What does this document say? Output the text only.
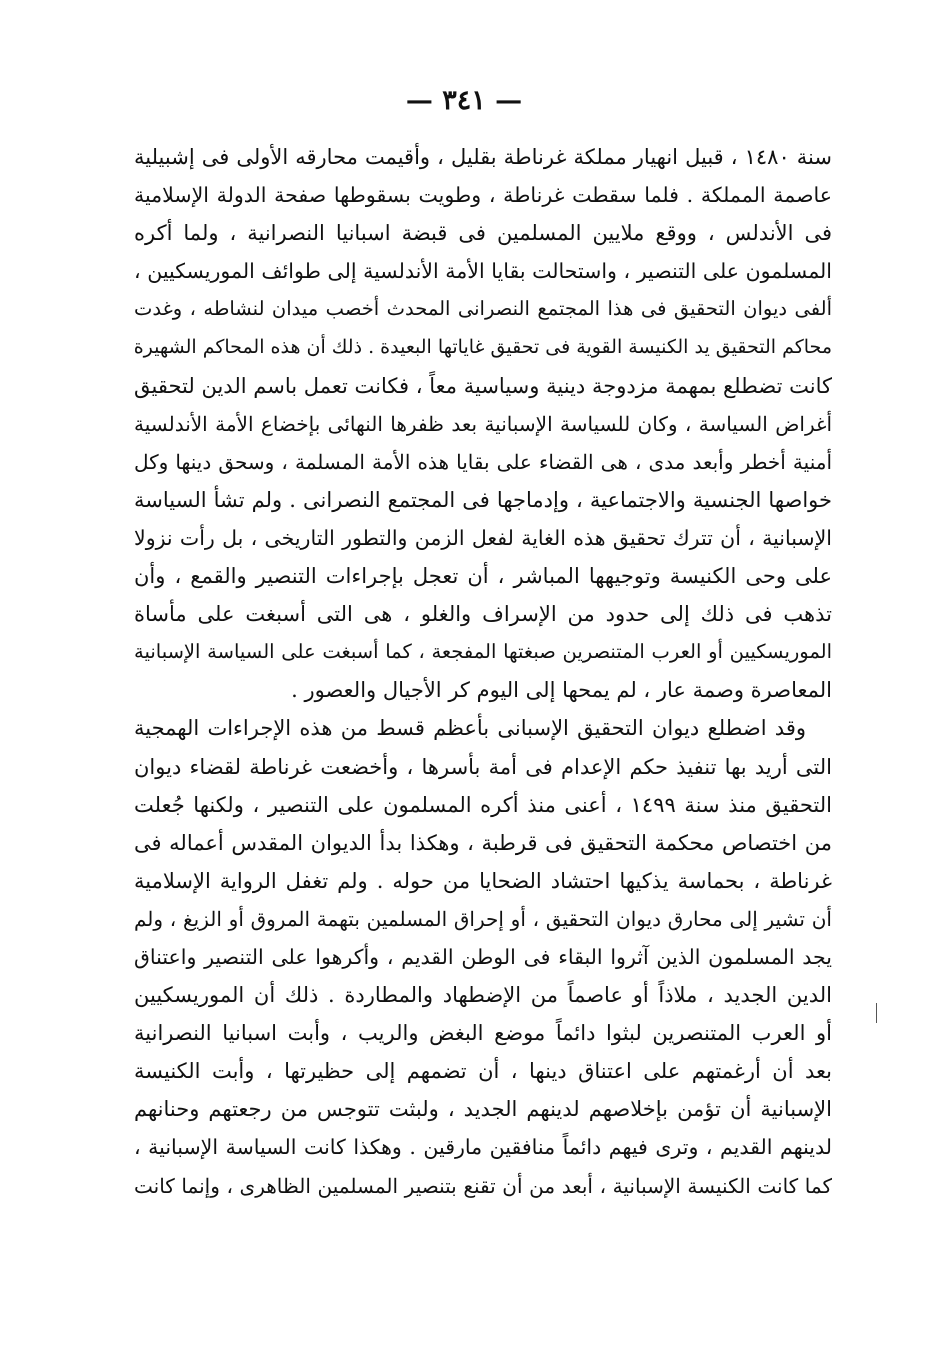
— ٣٤١ —
سنة ١٤٨٠ ، قبيل انهيار مملكة غرناطة بقليل ، وأقيمت محارقه الأولى فى إشبيلية
عاصمة المملكة . فلما سقطت غرناطة ، وطويت بسقوطها صفحة الدولة الإسلامية
فى الأندلس ، ووقع ملايين المسلمين فى قبضة اسبانيا النصرانية ، ولما أكره
المسلمون على التنصير ، واستحالت بقايا الأمة الأندلسية إلى طوائف الموريسكيين ،
ألفى ديوان التحقيق فى هذا المجتمع النصرانى المحدث أخصب ميدان لنشاطه ، وغدت
محاكم التحقيق يد الكنيسة القوية فى تحقيق غاياتها البعيدة . ذلك أن هذه المحاكم الشهيرة
كانت تضطلع بمهمة مزدوجة دينية وسياسية معاً ، فكانت تعمل باسم الدين لتحقيق
أغراض السياسة ، وكان للسياسة الإسبانية بعد ظفرها النهائى بإخضاع الأمة الأندلسية
أمنية أخطر وأبعد مدى ، هى القضاء على بقايا هذه الأمة المسلمة ، وسحق دينها وكل
خواصها الجنسية والاجتماعية ، وإدماجها فى المجتمع النصرانى . ولم تشأ السياسة
الإسبانية ، أن تترك تحقيق هذه الغاية لفعل الزمن والتطور التاريخى ، بل رأت نزولا
على وحى الكنيسة وتوجيهها المباشر ، أن تعجل بإجراءات التنصير والقمع ، وأن
تذهب فى ذلك إلى حدود من الإسراف والغلو ، هى التى أسبغت على مأساة
الموريسكيين أو العرب المتنصرين صبغتها المفجعة ، كما أسبغت على السياسة الإسبانية
المعاصرة وصمة عار ، لم يمحها إلى اليوم كر الأجيال والعصور .
وقد اضطلع ديوان التحقيق الإسبانى بأعظم قسط من هذه الإجراءات الهمجية
التى أريد بها تنفيذ حكم الإعدام فى أمة بأسرها ، وأخضعت غرناطة لقضاء ديوان
التحقيق منذ سنة ١٤٩٩ ، أعنى منذ أكره المسلمون على التنصير ، ولكنها جُعلت
من اختصاص محكمة التحقيق فى قرطبة ، وهكذا بدأ الديوان المقدس أعماله فى
غرناطة ، بحماسة يذكيها احتشاد الضحايا من حوله . ولم تغفل الرواية الإسلامية
أن تشير إلى محارق ديوان التحقيق ، أو إحراق المسلمين بتهمة المروق أو الزيغ ، ولم
يجد المسلمون الذين آثروا البقاء فى الوطن القديم ، وأكرهوا على التنصير واعتناق
الدين الجديد ، ملاذاً أو عاصماً من الإضطهاد والمطاردة . ذلك أن الموريسكيين
أو العرب المتنصرين لبثوا دائماً موضع البغض والريب ، وأبت اسبانيا النصرانية
بعد أن أرغمتهم على اعتناق دينها ، أن تضمهم إلى حظيرتها ، وأبت الكنيسة
الإسبانية أن تؤمن بإخلاصهم لدينهم الجديد ، ولبثت تتوجس من رجعتهم وحنانهم
لدينهم القديم ، وترى فيهم دائماً منافقين مارقين . وهكذا كانت السياسة الإسبانية ،
كما كانت الكنيسة الإسبانية ، أبعد من أن تقنع بتنصير المسلمين الظاهرى ، وإنما كانت
